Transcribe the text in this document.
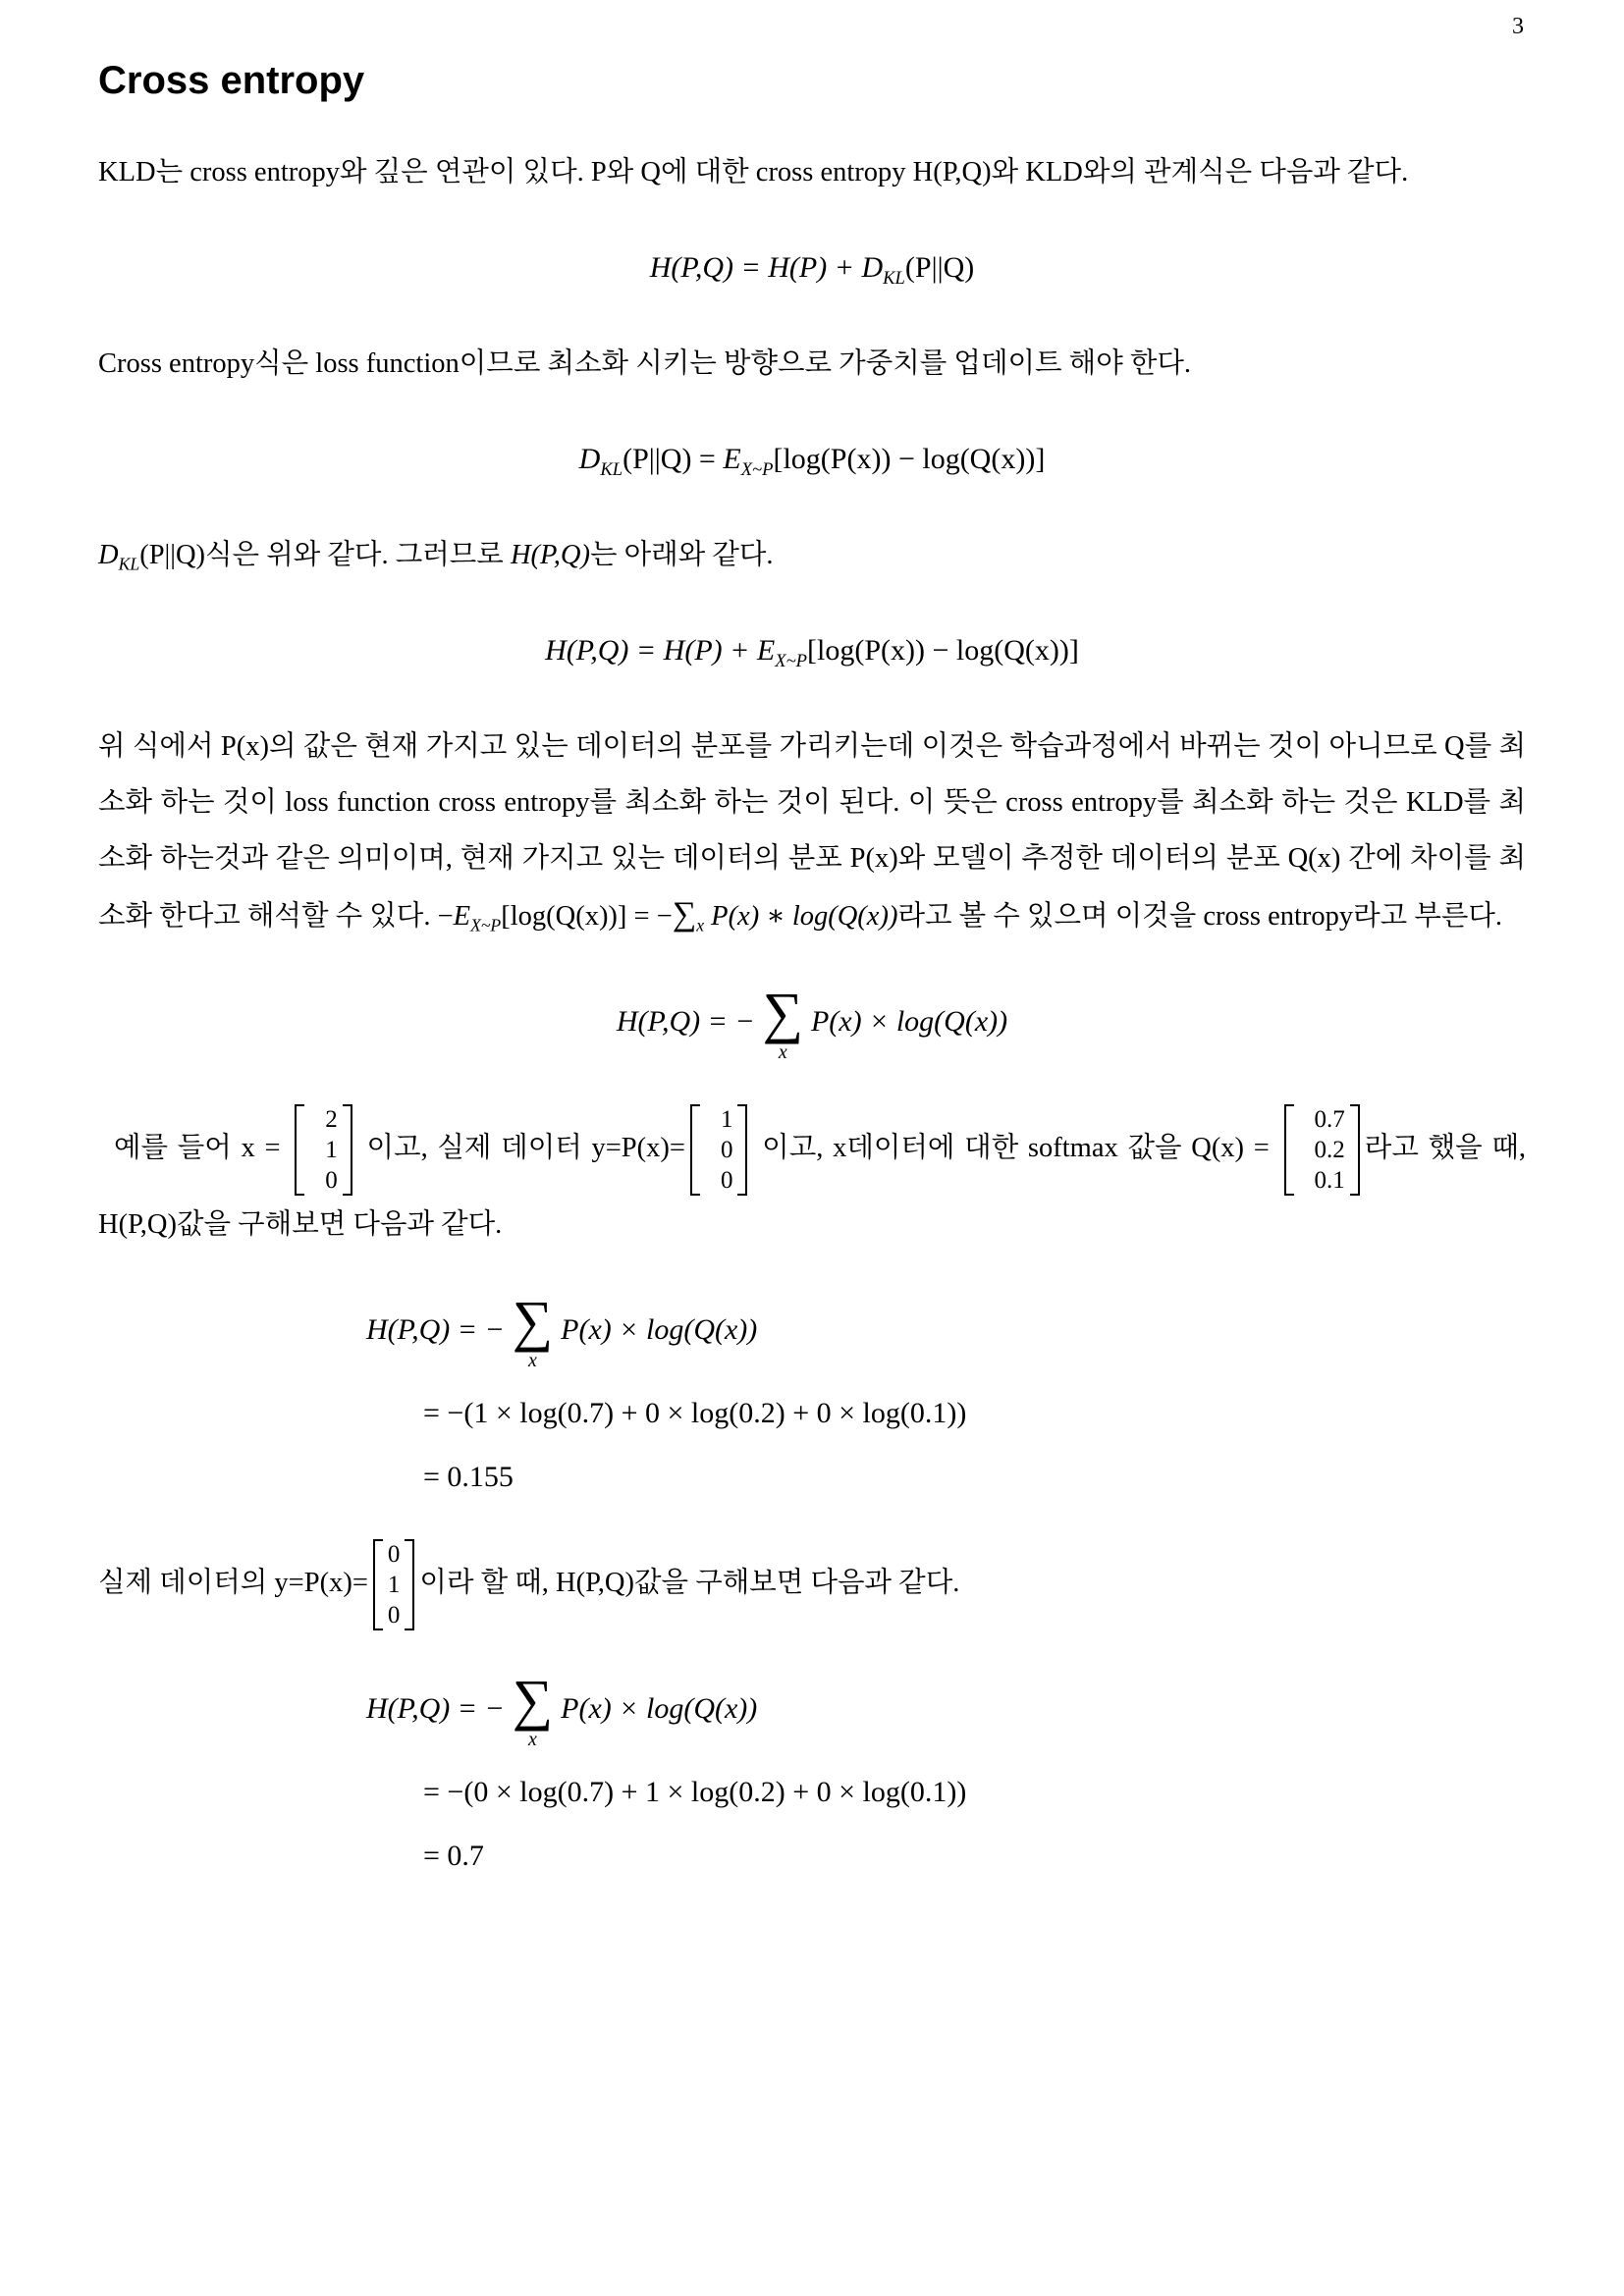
3
Cross entropy
KLD는 cross entropy와 깊은 연관이 있다. P와 Q에 대한 cross entropy H(P,Q)와 KLD와의 관계식은 다음과 같다.
$H(P,Q) = H(P) + D_{KL}(P||Q)$
Cross entropy식은 loss function이므로 최소화 시키는 방향으로 가중치를 업데이트 해야 한다.
$D_{KL}(P||Q) = E_{X\sim P}[\log(P(x)) - \log(Q(x))]$
$D_{KL}(P||Q)$식은 위와 같다. 그러므로 H(P,Q)는 아래와 같다.
$H(P,Q) = H(P) + E_{X\sim P}[\log(P(x)) - \log(Q(x))]$
위 식에서 P(x)의 값은 현재 가지고 있는 데이터의 분포를 가리키는데 이것은 학습과정에서 바뀌는 것이 아니므로 Q를 최소화 하는 것이 loss function cross entropy를 최소화 하는 것이 된다. 이 뜻은 cross entropy를 최소화 하는 것은 KLD를 최소화 하는것과 같은 의미이며, 현재 가지고 있는 데이터의 분포 P(x)와 모델이 추정한 데이터의 분포 Q(x) 간에 차이를 최소화 한다고 해석할 수 있다. $-E_{X\sim P}[\log(Q(x))] = -\sum_x$ P(x) ∗ log(Q(x))라고 볼 수 있으며 이것을 cross entropy라고 부른다.
H(P,Q) = − ∑
x
P(x) × log(Q(x))
예를 들어 x =
2
1
0
이고, 실제 데이터 y=P(x)=
1
0
0
이고, x데이터에 대한 softmax 값을 Q(x) =
0.7
0.2
0.1
라고 했을 때, H(P,Q)값을 구해보면 다음과 같다.
H(P,Q) = − ∑
x
P(x) × log(Q(x))
= −(1 × log(0.7) + 0 × log(0.2) + 0 × log(0.1))
= 0.155
실제 데이터의 y=P(x)=
0
1
0
이라 할 때, H(P,Q)값을 구해보면 다음과 같다.
H(P,Q) = − ∑
x
P(x) × log(Q(x))
= −(0 × log(0.7) + 1 × log(0.2) + 0 × log(0.1))
= 0.7
